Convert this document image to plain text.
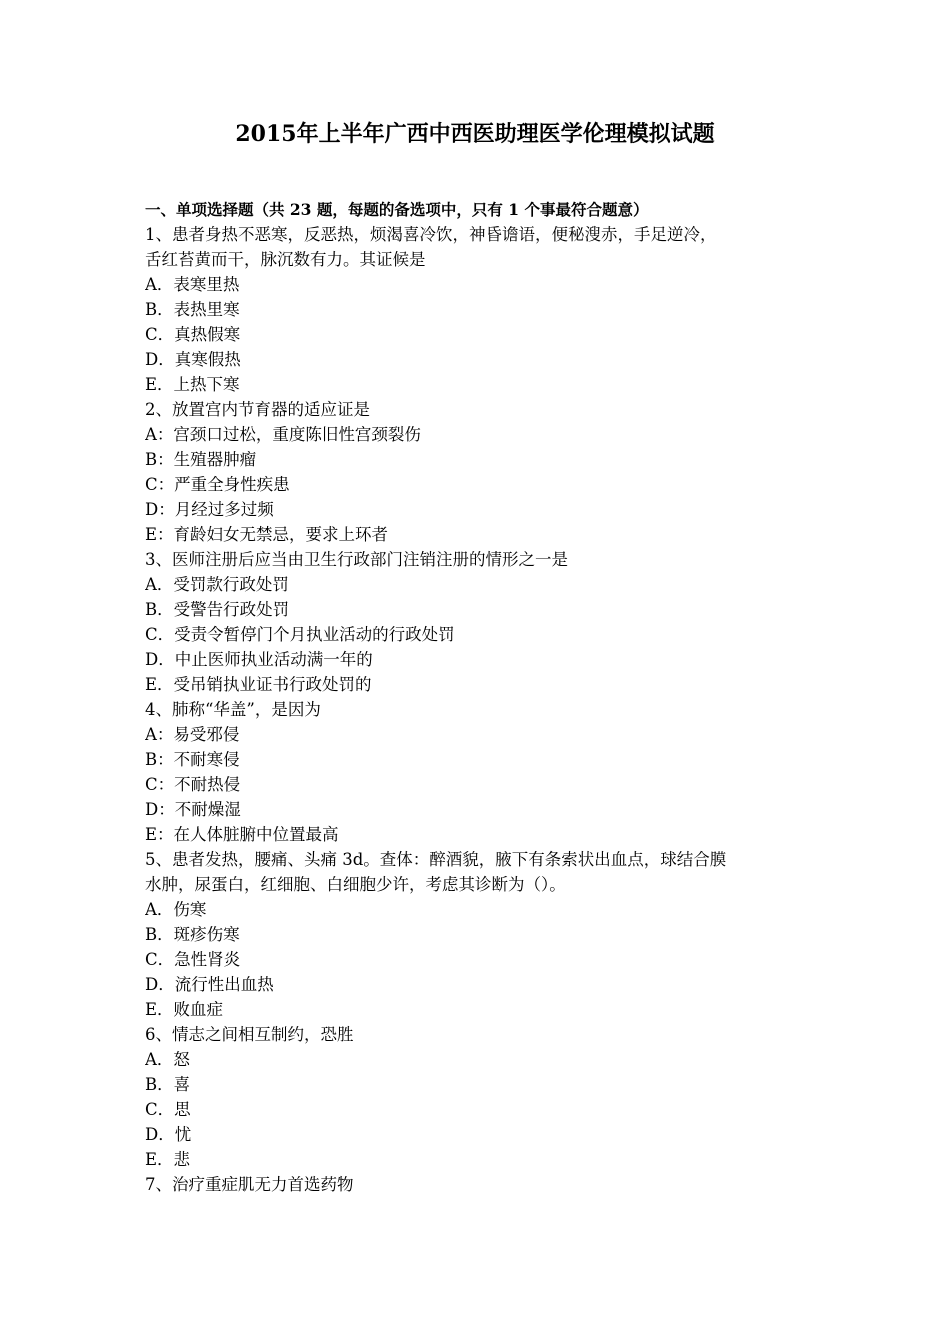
2015年上半年广西中西医助理医学伦理模拟试题
一、单项选择题（共 23 题，每题的备选项中，只有 1 个事最符合题意）
1、患者身热不恶寒，反恶热，烦渴喜冷饮，神昏谵语，便秘溲赤，手足逆冷，
舌红苔黄而干，脉沉数有力。其证候是
A．表寒里热
B．表热里寒
C．真热假寒
D．真寒假热
E．上热下寒
2、放置宫内节育器的适应证是
A：宫颈口过松，重度陈旧性宫颈裂伤
B：生殖器肿瘤
C：严重全身性疾患
D：月经过多过频
E：育龄妇女无禁忌，要求上环者
3、医师注册后应当由卫生行政部门注销注册的情形之一是
A．受罚款行政处罚
B．受警告行政处罚
C．受责令暂停门个月执业活动的行政处罚
D．中止医师执业活动满一年的
E．受吊销执业证书行政处罚的
4、肺称“华盖”，是因为
A：易受邪侵
B：不耐寒侵
C：不耐热侵
D：不耐燥湿
E：在人体脏腑中位置最高
5、患者发热，腰痛、头痛 3d。查体：醉酒貌，腋下有条索状出血点，球结合膜
水肿，尿蛋白，红细胞、白细胞少许，考虑其诊断为（）。
A．伤寒
B．斑疹伤寒
C．急性肾炎
D．流行性出血热
E．败血症
6、情志之间相互制约，恐胜
A．怒
B．喜
C．思
D．忧
E．悲
7、治疗重症肌无力首选药物
